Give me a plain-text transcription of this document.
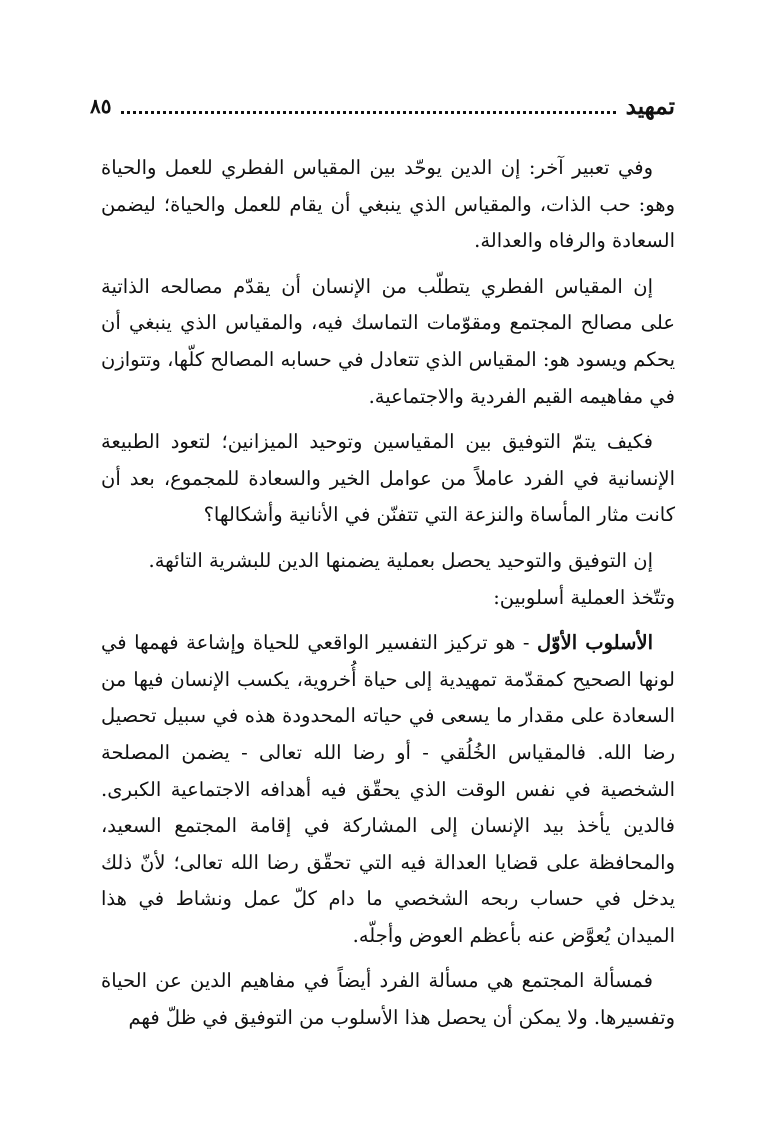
تمهيد
٨٥

وفي تعبير آخر: إن الدين يوحّد بين المقياس الفطري للعمل والحياة وهو: حب الذات، والمقياس الذي ينبغي أن يقام للعمل والحياة؛ ليضمن السعادة والرفاه والعدالة.

إن المقياس الفطري يتطلّب من الإنسان أن يقدّم مصالحه الذاتية على مصالح المجتمع ومقوّمات التماسك فيه، والمقياس الذي ينبغي أن يحكم ويسود هو: المقياس الذي تتعادل في حسابه المصالح كلّها، وتتوازن في مفاهيمه القيم الفردية والاجتماعية.

فكيف يتمّ التوفيق بين المقياسين وتوحيد الميزانين؛ لتعود الطبيعة الإنسانية في الفرد عاملاً من عوامل الخير والسعادة للمجموع، بعد أن كانت مثار المأساة والنزعة التي تتفنّن في الأنانية وأشكالها؟

إن التوفيق والتوحيد يحصل بعملية يضمنها الدين للبشرية التائهة.

وتتّخذ العملية أسلوبين:

الأسلوب الأوّل - هو تركيز التفسير الواقعي للحياة وإشاعة فهمها في لونها الصحيح كمقدّمة تمهيدية إلى حياة أُخروية، يكسب الإنسان فيها من السعادة على مقدار ما يسعى في حياته المحدودة هذه في سبيل تحصيل رضا الله. فالمقياس الخُلُقي - أو رضا الله تعالى - يضمن المصلحة الشخصية في نفس الوقت الذي يحقّق فيه أهدافه الاجتماعية الكبرى. فالدين يأخذ بيد الإنسان إلى المشاركة في إقامة المجتمع السعيد، والمحافظة على قضايا العدالة فيه التي تحقّق رضا الله تعالى؛ لأنّ ذلك يدخل في حساب ربحه الشخصي ما دام كلّ عمل ونشاط في هذا الميدان يُعوَّض عنه بأعظم العوض وأجلّه.

فمسألة المجتمع هي مسألة الفرد أيضاً في مفاهيم الدين عن الحياة وتفسيرها. ولا يمكن أن يحصل هذا الأسلوب من التوفيق في ظلّ فهم
